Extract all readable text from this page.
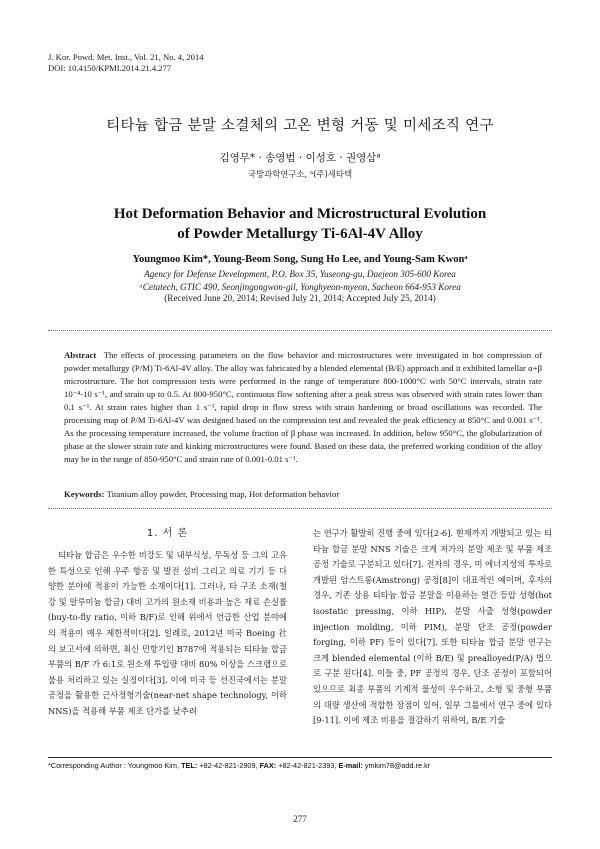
J. Kor. Powd. Met. Inst., Vol. 21, No. 4, 2014
DOI: 10.4150/KPMI.2014.21.4.277
티타늄 합금 분말 소결체의 고온 변형 거동 및 미세조직 연구
김영무* · 송영범 · 이성호 · 권영삼ᵃ
국방과학연구소, ᵃ(주)세타텍
Hot Deformation Behavior and Microstructural Evolution
of Powder Metallurgy Ti-6Al-4V Alloy
Youngmoo Kim*, Young-Beom Song, Sung Ho Lee, and Young-Sam Kwonᵃ
Agency for Defense Development, P.O. Box 35, Yuseong-gu, Daejeon 305-600 Korea
ᵃCetatech, GTIC 490, Seonjingongwon-gil, Yonghyeon-myeon, Sacheon 664-953 Korea
(Received June 20, 2014; Revised July 21, 2014; Accepted July 25, 2014)
Abstract The effects of processing parameters on the flow behavior and microstructures were investigated in hot compression of powder metallurgy (P/M) Ti-6Al-4V alloy. The alloy was fabricated by a blended elemental (B/E) approach and it exhibited lamellar α+β microstructure. The hot compression tests were performed in the range of temperature 800-1000°C with 50°C intervals, strain rate 10⁻⁴-10 s⁻¹, and strain up to 0.5. At 800-950°C, continuous flow softening after a peak stress was observed with strain rates lower than 0.1 s⁻¹. At strain rates higher than 1 s⁻¹, rapid drop in flow stress with strain hardening or broad oscillations was recorded. The processing map of P/M Ti-6Al-4V was designed based on the compression test and revealed the peak efficiency at 850°C and 0.001 s⁻¹. As the processing temperature increased, the volume fraction of β phase was increased. In addition, below 950°C, the globularization of phase at the slower strain rate and kinking microstructures were found. Based on these data, the preferred working condition of the alloy may be in the range of 850-950°C and strain rate of 0.001-0.01 s⁻¹.
Keywords: Titanium alloy powder, Processing map, Hot deformation behavior
1. 서 론

티타늄 합금은 우수한 비강도 및 내부식성, 무독성 등 그의 고유한 특성으로 인해 우주 항공 및 발전 설비 그리고 의료 기기 등 다양한 분야에 적용이 가능한 소재이다[1]. 그러나, 타 구조 소재(철강 및 알루미늄 합금) 대비 고가의 원소재 비용과 높은 재료 손실률(buy-to-fly ratio, 이하 B/F)로 인해 위에서 언급한 산업 분야에의 적용이 매우 제한적이다[2]. 일례로, 2012년 미국 Boeing 社의 보고서에 의하면, 최신 민항기인 B787에 적용되는 티타늄 합금 부품의 B/F 가 6:1로 원소재 투입량 대비 80% 이상을 스크랩으로 불용 처리하고 있는 실정이다[3]. 이에 미국 등 선진국에서는 분말 공정을 활용한 근사정형기술(near-net shape technology, 이하 NNS)을 적용해 부품 제조 단가를 낮추려

는 연구가 활발히 진행 중에 있다[2-6]. 현재까지 개발되고 있는 티타늄 합금 분말 NNS 기술은 크게 저가의 분말 제조 및 부품 제조 공정 기술로 구분되고 있다[7]. 전자의 경우, 미 에너지성의 투자로 개발된 암스트롱(Amstrong) 공정[8]이 대표적인 예이며, 후자의 경우, 기존 상용 티타늄 합금 분말을 이용하는 열간 등압 성형(hot isostatic pressing, 이하 HIP), 분말 사출 성형(powder injection molding, 이하 PIM), 분말 단조 공정(powder forging, 이하 PF) 등이 있다[7]. 또한 티타늄 합금 분말 연구는 크게 blended elemental (이하 B/E) 및 prealloyed(P/A) 법으로 구분 된다[4]. 이들 중, PF 공정의 경우, 단조 공정이 포함되어 있으므로 최종 부품의 기계적 물성이 우수하고, 소형 및 중형 부품의 대량 생산에 적합한 장점이 있어, 일부 그룹에서 연구 중에 있다[9-11]. 이에 제조 비용을 절감하기 위하여, B/E 기술

*Corresponding Author : Youngmoo Kim, TEL: +82-42-821-2909, FAX: +82-42-821-2393, E-mail: ymkim78@add.re.kr
277
